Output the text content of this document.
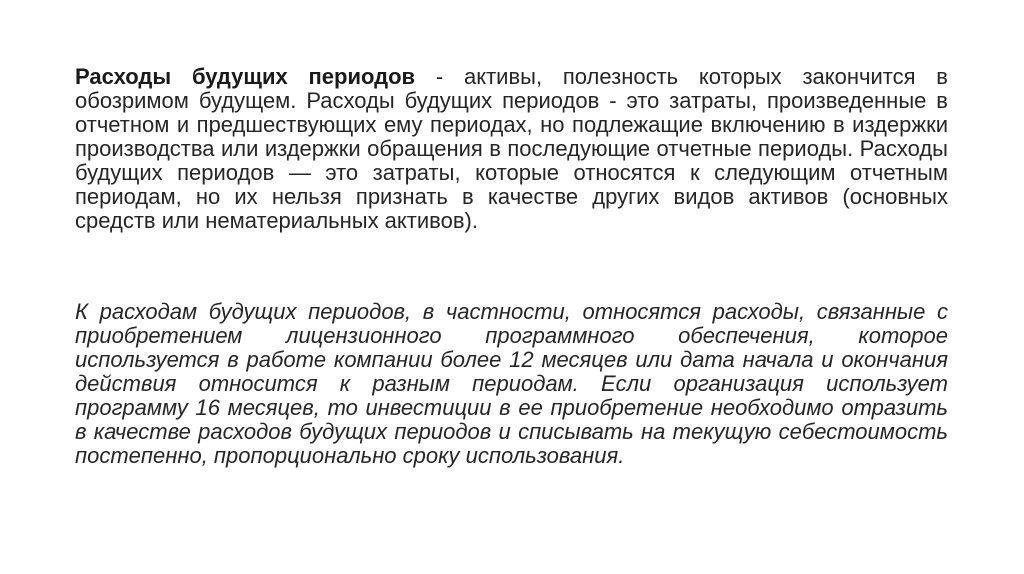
Расходы будущих периодов - активы, полезность которых закончится в обозримом будущем. Расходы будущих периодов - это затраты, произведенные в отчетном и предшествующих ему периодах, но подлежащие включению в издержки производства или издержки обращения в последующие отчетные периоды. Расходы будущих периодов — это затраты, которые относятся к следующим отчетным периодам, но их нельзя признать в качестве других видов активов (основных средств или нематериальных активов).

К расходам будущих периодов, в частности, относятся расходы, связанные с приобретением лицензионного программного обеспечения, которое используется в работе компании более 12 месяцев или дата начала и окончания действия относится к разным периодам. Если организация использует программу 16 месяцев, то инвестиции в ее приобретение необходимо отразить в качестве расходов будущих периодов и списывать на текущую себестоимость постепенно, пропорционально сроку использования.
